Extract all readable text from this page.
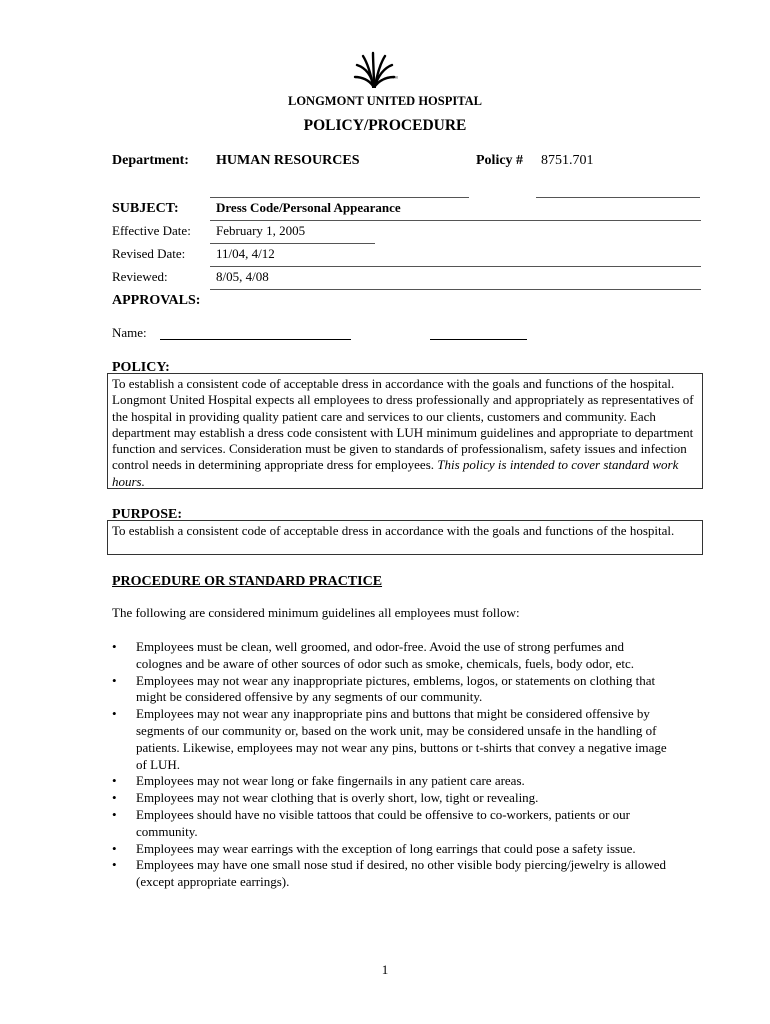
™
LONGMONT UNITED HOSPITAL
POLICY/PROCEDURE
Department: HUMAN RESOURCES	Policy # 8751.701
SUBJECT:	Dress Code/Personal Appearance
Effective Date: February 1, 2005
Revised Date: 11/04, 4/12
Reviewed:	8/05, 4/08
APPROVALS:
Name:
POLICY:
To establish a consistent code of acceptable dress in accordance with the goals and functions of the hospital. Longmont United Hospital expects all employees to dress professionally and appropriately as representatives of the hospital in providing quality patient care and services to our clients, customers and community. Each department may establish a dress code consistent with LUH minimum guidelines and appropriate to department function and services. Consideration must be given to standards of professionalism, safety issues and infection control needs in determining appropriate dress for employees. This policy is intended to cover standard work hours.
PURPOSE:
To establish a consistent code of acceptable dress in accordance with the goals and functions of the hospital.
PROCEDURE OR STANDARD PRACTICE
The following are considered minimum guidelines all employees must follow:
• Employees must be clean, well groomed, and odor-free. Avoid the use of strong perfumes and colognes and be aware of other sources of odor such as smoke, chemicals, fuels, body odor, etc.
• Employees may not wear any inappropriate pictures, emblems, logos, or statements on clothing that might be considered offensive by any segments of our community.
• Employees may not wear any inappropriate pins and buttons that might be considered offensive by segments of our community or, based on the work unit, may be considered unsafe in the handling of patients. Likewise, employees may not wear any pins, buttons or t-shirts that convey a negative image of LUH.
• Employees may not wear long or fake fingernails in any patient care areas.
• Employees may not wear clothing that is overly short, low, tight or revealing.
• Employees should have no visible tattoos that could be offensive to co-workers, patients or our community.
• Employees may wear earrings with the exception of long earrings that could pose a safety issue.
• Employees may have one small nose stud if desired, no other visible body piercing/jewelry is allowed (except appropriate earrings).
1
